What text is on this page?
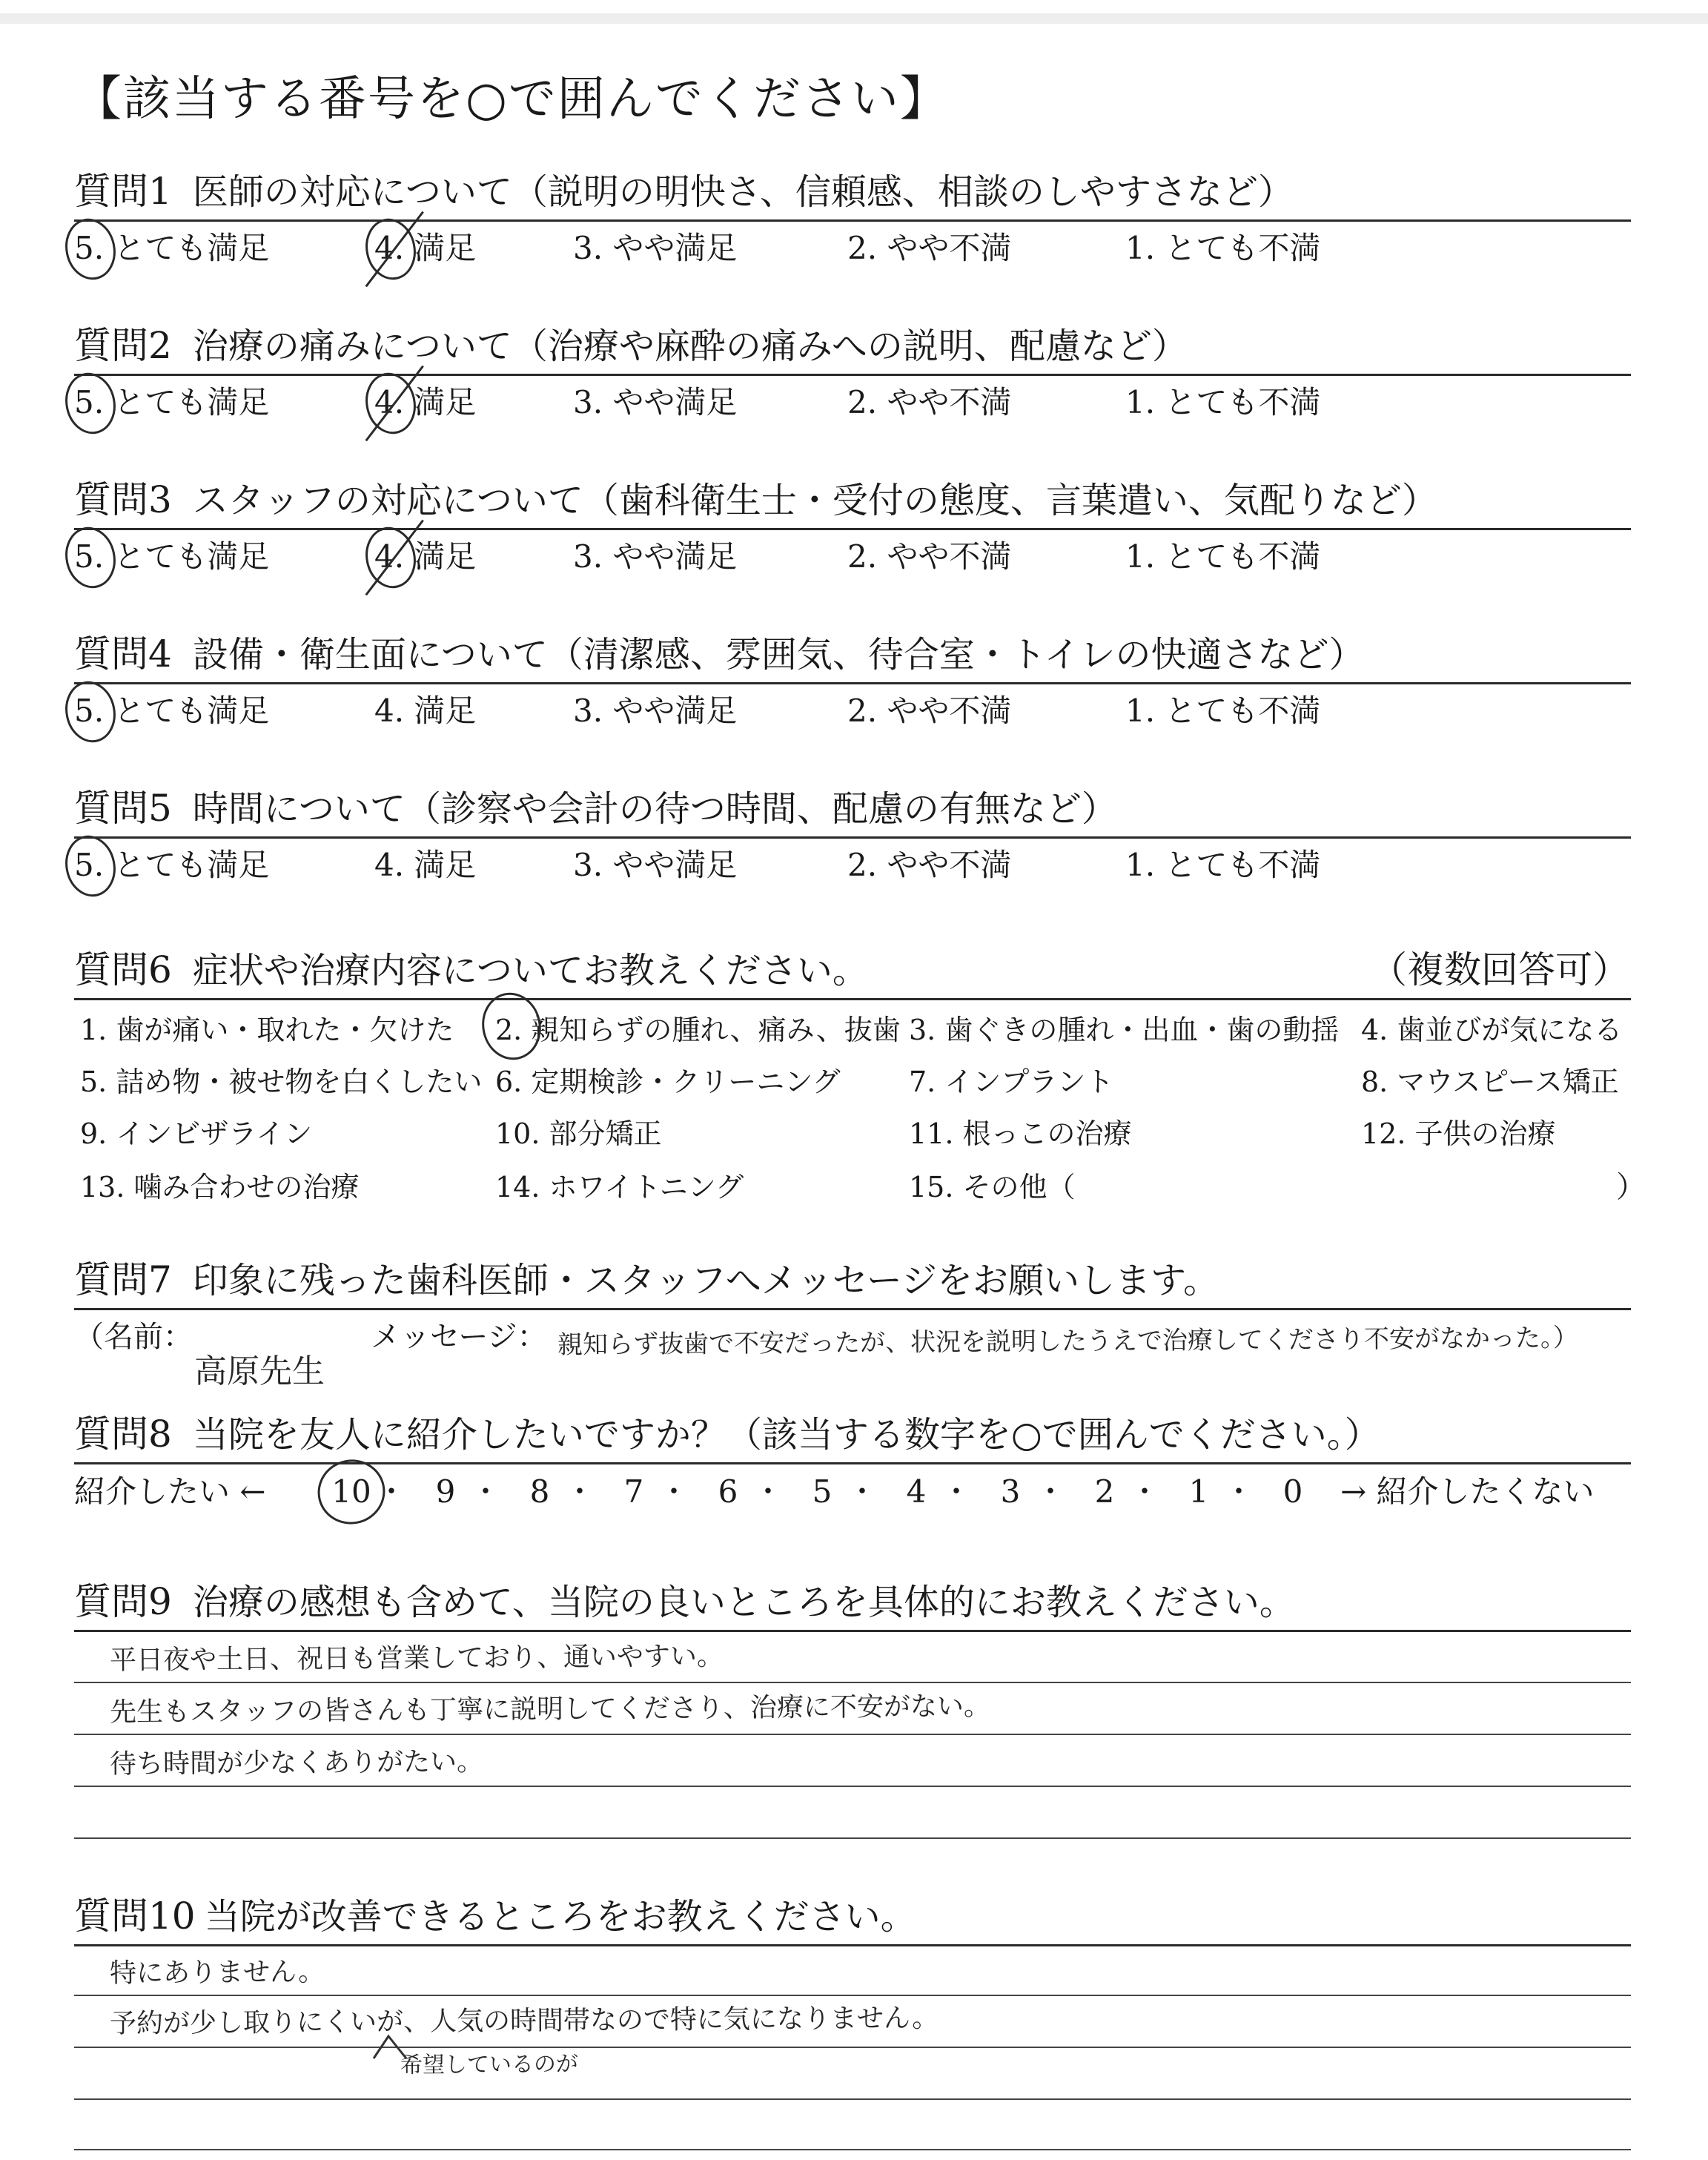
【該当する番号を○で囲んでください】
質問1 医師の対応について（説明の明快さ、信頼感、相談のしやすさなど）
5. とても満足	4. 満足	3. やや満足	2. やや不満	1. とても不満
質問2 治療の痛みについて（治療や麻酔の痛みへの説明、配慮など）
5. とても満足	4. 満足	3. やや満足	2. やや不満	1. とても不満
質問3 スタッフの対応について（歯科衛生士・受付の態度、言葉遣い、気配りなど）
5. とても満足	4. 満足	3. やや満足	2. やや不満	1. とても不満
質問4 設備・衛生面について（清潔感、雰囲気、待合室・トイレの快適さなど）
5. とても満足	4. 満足	3. やや満足	2. やや不満	1. とても不満
質問5 時間について（診察や会計の待つ時間、配慮の有無など）
5. とても満足	4. 満足	3. やや満足	2. やや不満	1. とても不満
質問6 症状や治療内容についてお教えください。	（複数回答可）
1. 歯が痛い・取れた・欠けた 2. 親知らずの腫れ、痛み、抜歯 3. 歯ぐきの腫れ・出血・歯の動揺 4. 歯並びが気になる
5. 詰め物・被せ物を白くしたい 6. 定期検診・クリーニング 7. インプラント	8. マウスピース矯正
9. インビザライン	10. 部分矯正	11. 根っこの治療	12. 子供の治療
13. 噛み合わせの治療	14. ホワイトニング	15. その他（	）
質問7 印象に残った歯科医師・スタッフへメッセージをお願いします。
（名前：
高原先生
メッセージ： 親知らず抜歯で不安だったが、状況を説明したうえで治療してくださり不安がなかった。）
質問8 当院を友人に紹介したいですか？（該当する数字を○で囲んでください。）
紹介したい ←	→ 紹介したくない
10 ・ 9 ・ 8 ・ 7 ・ 6 ・ 5 ・ 4 ・ 3 ・ 2 ・ 1 ・ 0
質問9 治療の感想も含めて、当院の良いところを具体的にお教えください。
平日夜や土日、祝日も営業しており、通いやすい。
先生もスタッフの皆さんも丁寧に説明してくださり、治療に不安がない。
待ち時間が少なくありがたい。
質問10 当院が改善できるところをお教えください。
特にありません。
予約が少し取りにくいが、人気の時間帯なので特に気になりません。
希望しているのが
